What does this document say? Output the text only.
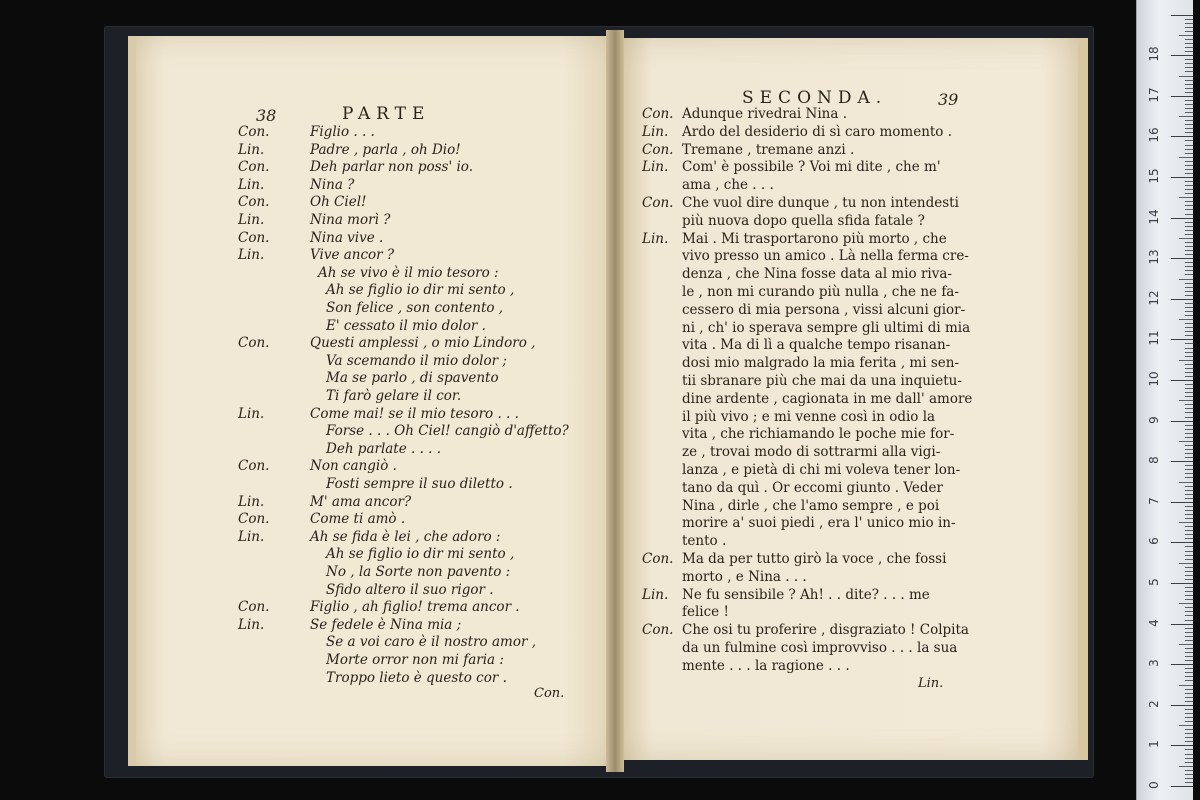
38	PARTE
SECONDA.	39
Con.	Figlio . . .
Lin.	Padre , parla , oh Dio!
Con.	Deh parlar non poss' io.
Lin.	Nina ?
Con.	Oh Ciel!
Lin.	Nina morì ?
Con.	Nina vive .
Lin.	Vive ancor ?
Ah se vivo è il mio tesoro :
Ah se figlio io dir mi sento ,
Son felice , son contento ,
E' cessato il mio dolor .
Con.	Questi amplessi , o mio Lindoro ,
Va scemando il mio dolor ;
Ma se parlo , di spavento
Ti farò gelare il cor.
Lin.	Come mai! se il mio tesoro . . .
Forse . . . Oh Ciel! cangiò d'affetto?
Deh parlate . . . .
Con.	Non cangiò .
Fosti sempre il suo diletto .
Lin.	M' ama ancor?
Con.	Come ti amò .
Lin.	Ah se fida è lei , che adoro :
Ah se figlio io dir mi sento ,
No , la Sorte non pavento :
Sfido altero il suo rigor .
Con.	Figlio , ah figlio! trema ancor .
Lin.	Se fedele è Nina mia ;
Se a voi caro è il nostro amor ,
Morte orror non mi faria :
Troppo lieto è questo cor .
Con. Adunque rivedrai Nina .
Lin. Ardo del desiderio di sì caro momento .
Con. Tremane , tremane anzi .
Lin. Com' è possibile ? Voi mi dite , che m'
ama , che . . .
Con. Che vuol dire dunque , tu non intendesti
più nuova dopo quella sfida fatale ?
Lin. Mai . Mi trasportarono più morto , che
vivo presso un amico . Là nella ferma cre-
denza , che Nina fosse data al mio riva-
le , non mi curando più nulla , che ne fa-
cessero di mia persona , vissi alcuni gior-
ni , ch' io sperava sempre gli ultimi di mia
vita . Ma di lì a qualche tempo risanan-
dosi mio malgrado la mia ferita , mi sen-
tii sbranare più che mai da una inquietu-
dine ardente , cagionata in me dall' amore
il più vivo ; e mi venne così in odio la
vita , che richiamando le poche mie for-
ze , trovai modo di sottrarmi alla vigi-
lanza , e pietà di chi mi voleva tener lon-
tano da quì . Or eccomi giunto . Veder
Nina , dirle , che l'amo sempre , e poi
morire a' suoi piedi , era l' unico mio in-
tento .
Con. Ma da per tutto girò la voce , che fossi
morto , e Nina . . .
Lin. Ne fu sensibile ? Ah! . . dite? . . . me
felice !
Con. Che osi tu proferire , disgraziato ! Colpita
da un fulmine così improvviso . . . la sua
mente . . . la ragione . . .
Con.
Lin.
0
1
2
3
4
5
6
7
8
9
10
11
12
13
14
15
16
17
18
